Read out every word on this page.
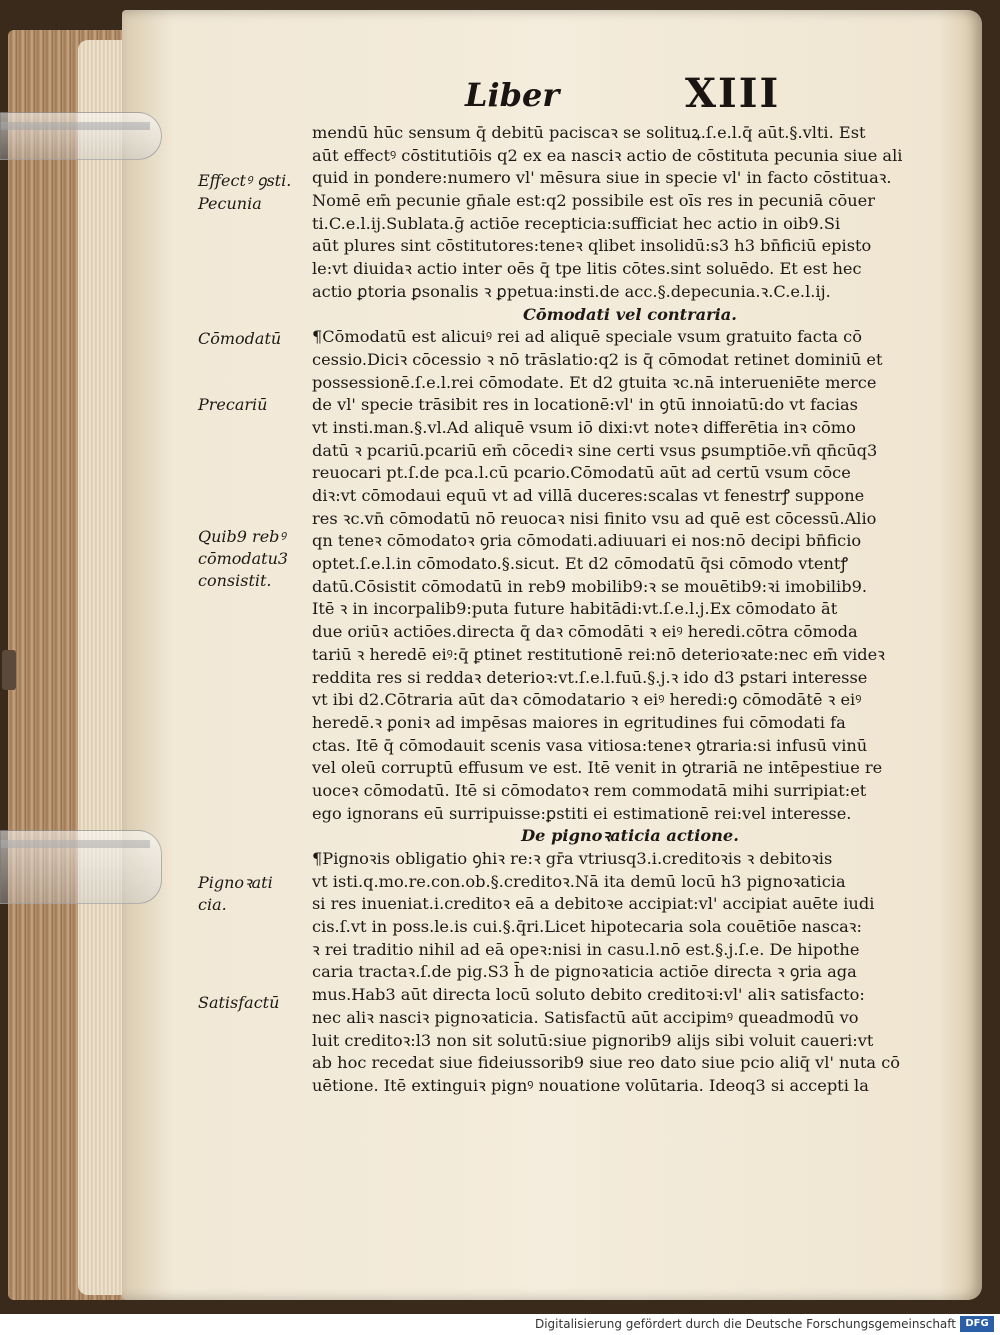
Liber	XIII
Effectꝰ ꝯsti.
Pecunia
Cōmodatū
Precariū
Quib9 rebꝰ
cōmodatu3
consistit.
Pignoꝛati
cia.
Satisfactū
mendū hūc sensum q̄ debitū paciscaꝛ se solituꝝ.ſ.e.l.q̄ aūt.§.vlti. Est
aūt effectꝰ cōstitutiōis q2 ex ea nasciꝛ actio de cōstituta pecunia siue ali
quid in pondere:numero vl' mēsura siue in specie vl' in facto cōstituaꝛ.
Nomē em̄ pecunie gn̄ale est:q2 possibile est oīs res in pecuniā cōuer
ti.C.e.l.ij.Sublata.ḡ actiōe recepticia:sufficiat hec actio in oib9.Si
aūt plures sint cōstitutores:teneꝛ qlibet insolidū:s3 h3 bn̄ficiū episto
le:vt diuidaꝛ actio inter oēs q̄ tpe litis cōtes.sint soluēdo. Et est hec
actio ꝑtoria ꝑsonalis ꝛ ꝑpetua:insti.de acc.§.depecunia.ꝛ.C.e.l.ij.
Cōmodati vel contraria.
¶Cōmodatū est alicuiꝰ rei ad aliquē speciale vsum gratuito facta cō
cessio.Diciꝛ cōcessio ꝛ nō trāslatio:q2 is q̄ cōmodat retinet dominiū et
possessionē.ſ.e.l.rei cōmodate. Et d2 gtuita ꝛc.nā interueniēte merce
de vl' specie trāsibit res in locationē:vl' in ꝯtū innoiatū:do vt facias
vt insti.man.§.vl.Ad aliquē vsum iō dixi:vt noteꝛ differētia inꝛ cōmo
datū ꝛ pcariū.pcariū em̄ cōcediꝛ sine certi vsus ꝑsumptiōe.vn̄ qn̄cūq3
reuocari pt.ſ.de pca.l.cū pcario.Cōmodatū aūt ad certū vsum cōce
diꝛ:vt cōmodaui equū vt ad villā duceres:scalas vt fenestrꝭ suppone
res ꝛc.vn̄ cōmodatū nō reuocaꝛ nisi finito vsu ad quē est cōcessū.Alio
qn teneꝛ cōmodatoꝛ ꝯria cōmodati.adiuuari ei nos:nō decipi bn̄ficio
optet.ſ.e.l.in cōmodato.§.sicut. Et d2 cōmodatū q̄si cōmodo vtentꝭ
datū.Cōsistit cōmodatū in reb9 mobilib9:ꝛ se mouētib9:ꝛi imobilib9.
Itē ꝛ in incorpalib9:puta future habitādi:vt.ſ.e.l.j.Ex cōmodato āt
due oriūꝛ actiōes.directa q̄ daꝛ cōmodāti ꝛ eiꝰ heredi.cōtra cōmoda
tariū ꝛ heredē eiꝰ:q̄ ꝑtinet restitutionē rei:nō deterioꝛate:nec em̄ videꝛ
reddita res si reddaꝛ deterioꝛ:vt.ſ.e.l.fuū.§.j.ꝛ ido d3 ꝑstari interesse
vt ibi d2.Cōtraria aūt daꝛ cōmodatario ꝛ eiꝰ heredi:ꝯ cōmodātē ꝛ eiꝰ
heredē.ꝛ ꝑoniꝛ ad impēsas maiores in egritudines fui cōmodati fa
ctas. Itē q̄ cōmodauit scenis vasa vitiosa:teneꝛ ꝯtraria:si infusū vinū
vel oleū corruptū effusum ve est. Itē venit in ꝯtrariā ne intēpestiue re
uoceꝛ cōmodatū. Itē si cōmodatoꝛ rem commodatā mihi surripiat:et
ego ignorans eū surripuisse:ꝑstiti ei estimationē rei:vel interesse.
De pignoꝛaticia actione.
¶Pignoꝛis obligatio ꝯhiꝛ re:ꝛ gr̄a vtriusq3.i.creditoꝛis ꝛ debitoꝛis
vt isti.q.mo.re.con.ob.§.creditoꝛ.Nā ita demū locū h3 pignoꝛaticia
si res inueniat.i.creditoꝛ eā a debitoꝛe accipiat:vl' accipiat auēte iudi
cis.ſ.vt in poss.le.is cui.§.q̄ri.Licet hipotecaria sola couētiōe nascaꝛ:
ꝛ rei traditio nihil ad eā opeꝛ:nisi in casu.l.nō est.§.j.ſ.e. De hipothe
caria tractaꝛ.ſ.de pig.S3 h̄ de pignoꝛaticia actiōe directa ꝛ ꝯria aga
mus.Hab3 aūt directa locū soluto debito creditoꝛi:vl' aliꝛ satisfacto:
nec aliꝛ nasciꝛ pignoꝛaticia. Satisfactū aūt accipimꝰ queadmodū vo
luit creditoꝛ:l3 non sit solutū:siue pignorib9 alijs sibi voluit caueri:vt
ab hoc recedat siue fideiussorib9 siue reo dato siue pcio aliq̄ vl' nuta cō
uētione. Itē extinguiꝛ pignꝰ nouatione volūtaria. Ideoq3 si accepti la
Digitalisierung gefördert durch die Deutsche Forschungsgemeinschaft DFG
